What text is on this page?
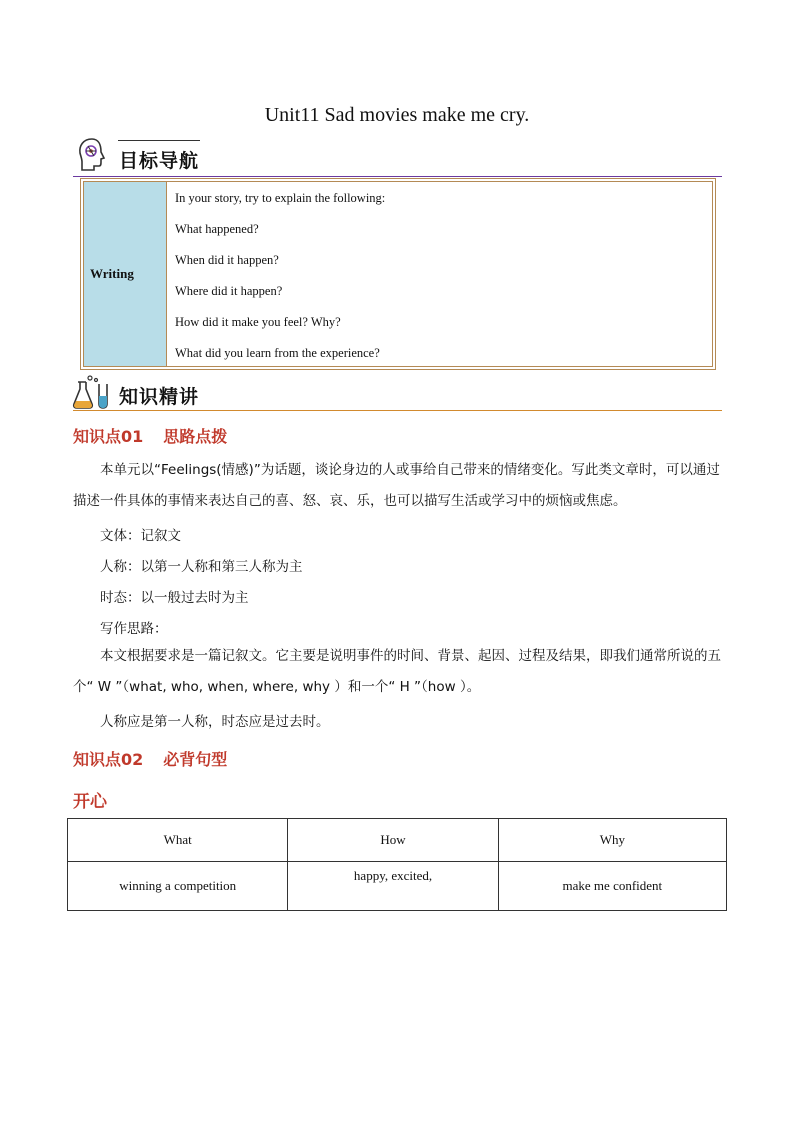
Unit11 Sad movies make me cry.
目标导航
Writing
In your story, try to explain the following:
What happened?
When did it happen?
Where did it happen?
How did it make you feel? Why?
What did you learn from the experience?
知识精讲
知识点01 思路点拨
本单元以“Feelings(情感)”为话题，谈论身边的人或事给自己带来的情绪变化。写此类文章时，可以通过描述一件具体的事情来表达自己的喜、怒、哀、乐，也可以描写生活或学习中的烦恼或焦虑。
文体：记叙文
人称：以第一人称和第三人称为主
时态：以一般过去时为主
写作思路：
本文根据要求是一篇记叙文。它主要是说明事件的时间、背景、起因、过程及结果，即我们通常所说的五个“ W ”（what, who, when, where, why ）和一个“ H ”（how ）。
人称应是第一人称，时态应是过去时。
知识点02 必背句型
开心
What	How	Why
winning a competition	happy, excited,	make me confident
